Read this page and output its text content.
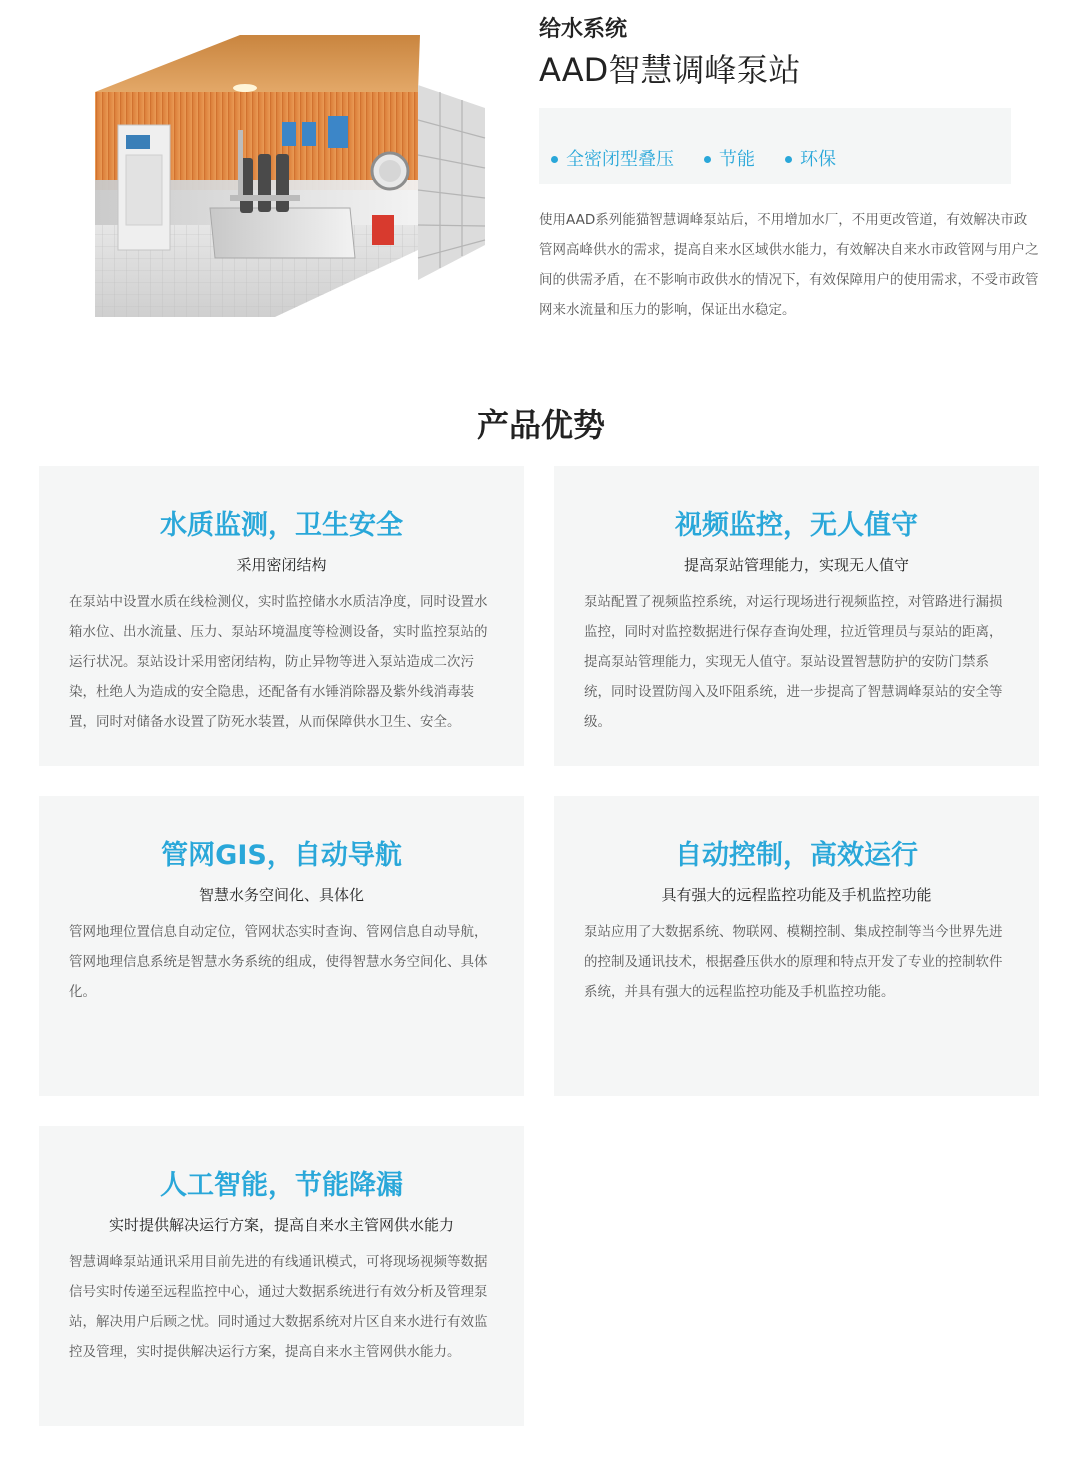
给水系统
AAD智慧调峰泵站
全密闭型叠压	节能	环保

使用AAD系列能猫智慧调峰泵站后，不用增加水厂，不用更改管道，有效解决市政管网高峰供水的需求，提高自来水区域供水能力，有效解决自来水市政管网与用户之间的供需矛盾，在不影响市政供水的情况下，有效保障用户的使用需求，不受市政管网来水流量和压力的影响，保证出水稳定。

产品优势
水质监测，卫生安全
采用密闭结构

在泵站中设置水质在线检测仪，实时监控储水水质洁净度，同时设置水箱水位、出水流量、压力、泵站环境温度等检测设备，实时监控泵站的运行状况。泵站设计采用密闭结构，防止异物等进入泵站造成二次污染，杜绝人为造成的安全隐患，还配备有水锤消除器及紫外线消毒装置，同时对储备水设置了防死水装置，从而保障供水卫生、安全。

视频监控，无人值守
提高泵站管理能力，实现无人值守

泵站配置了视频监控系统，对运行现场进行视频监控，对管路进行漏损监控，同时对监控数据进行保存查询处理，拉近管理员与泵站的距离，提高泵站管理能力，实现无人值守。泵站设置智慧防护的安防门禁系统，同时设置防闯入及吓阻系统，进一步提高了智慧调峰泵站的安全等级。

管网GIS，自动导航
智慧水务空间化、具体化

管网地理位置信息自动定位，管网状态实时查询、管网信息自动导航，管网地理信息系统是智慧水务系统的组成，使得智慧水务空间化、具体化。

自动控制，高效运行
具有强大的远程监控功能及手机监控功能

泵站应用了大数据系统、物联网、模糊控制、集成控制等当今世界先进的控制及通讯技术，根据叠压供水的原理和特点开发了专业的控制软件系统，并具有强大的远程监控功能及手机监控功能。

人工智能，节能降漏
实时提供解决运行方案，提高自来水主管网供水能力

智慧调峰泵站通讯采用目前先进的有线通讯模式，可将现场视频等数据信号实时传递至远程监控中心，通过大数据系统进行有效分析及管理泵站，解决用户后顾之忧。同时通过大数据系统对片区自来水进行有效监控及管理，实时提供解决运行方案，提高自来水主管网供水能力。
